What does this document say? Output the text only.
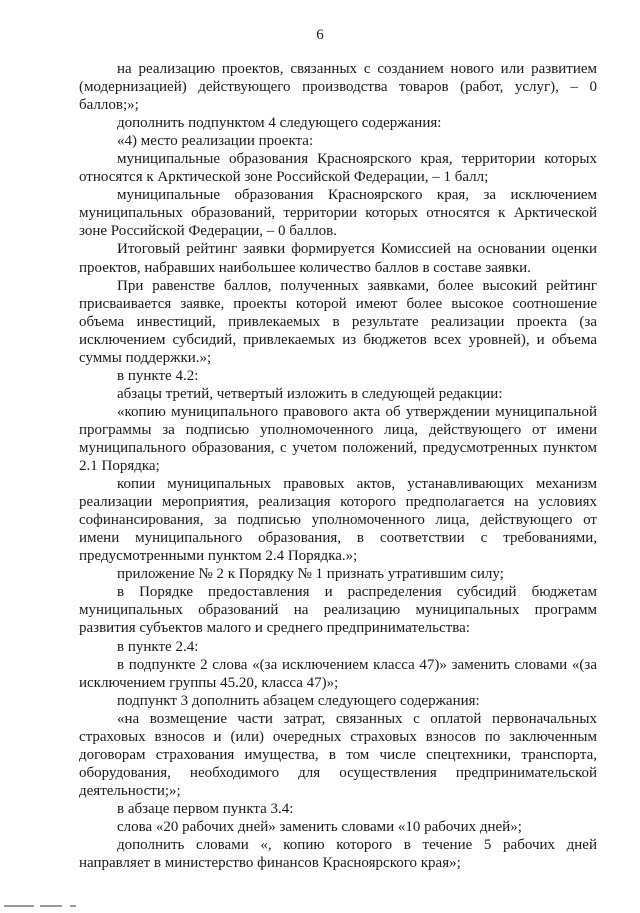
6

на реализацию проектов, связанных с созданием нового или развитием (модернизацией) действующего производства товаров (работ, услуг), – 0 баллов;»;

дополнить подпунктом 4 следующего содержания:

«4) место реализации проекта:

муниципальные образования Красноярского края, территории которых относятся к Арктической зоне Российской Федерации, – 1 балл;

муниципальные образования Красноярского края, за исключением муниципальных образований, территории которых относятся к Арктической зоне Российской Федерации, – 0 баллов.

Итоговый рейтинг заявки формируется Комиссией на основании оценки проектов, набравших наибольшее количество баллов в составе заявки.

При равенстве баллов, полученных заявками, более высокий рейтинг присваивается заявке, проекты которой имеют более высокое соотношение объема инвестиций, привлекаемых в результате реализации проекта (за исключением субсидий, привлекаемых из бюджетов всех уровней), и объема суммы поддержки.»;

в пункте 4.2:

абзацы третий, четвертый изложить в следующей редакции:

«копию муниципального правового акта об утверждении муниципальной программы за подписью уполномоченного лица, действующего от имени муниципального образования, с учетом положений, предусмотренных пунктом 2.1 Порядка;

копии муниципальных правовых актов, устанавливающих механизм реализации мероприятия, реализация которого предполагается на условиях софинансирования, за подписью уполномоченного лица, действующего от имени муниципального образования, в соответствии с требованиями, предусмотренными пунктом 2.4 Порядка.»;

приложение № 2 к Порядку № 1 признать утратившим силу;

в Порядке предоставления и распределения субсидий бюджетам муниципальных образований на реализацию муниципальных программ развития субъектов малого и среднего предпринимательства:

в пункте 2.4:

в подпункте 2 слова «(за исключением класса 47)» заменить словами «(за исключением группы 45.20, класса 47)»;

подпункт 3 дополнить абзацем следующего содержания:

«на возмещение части затрат, связанных с оплатой первоначальных страховых взносов и (или) очередных страховых взносов по заключенным договорам страхования имущества, в том числе спецтехники, транспорта, оборудования, необходимого для осуществления предпринимательской деятельности;»;

в абзаце первом пункта 3.4:

слова «20 рабочих дней» заменить словами «10 рабочих дней»;

дополнить словами «, копию которого в течение 5 рабочих дней направляет в министерство финансов Красноярского края»;
